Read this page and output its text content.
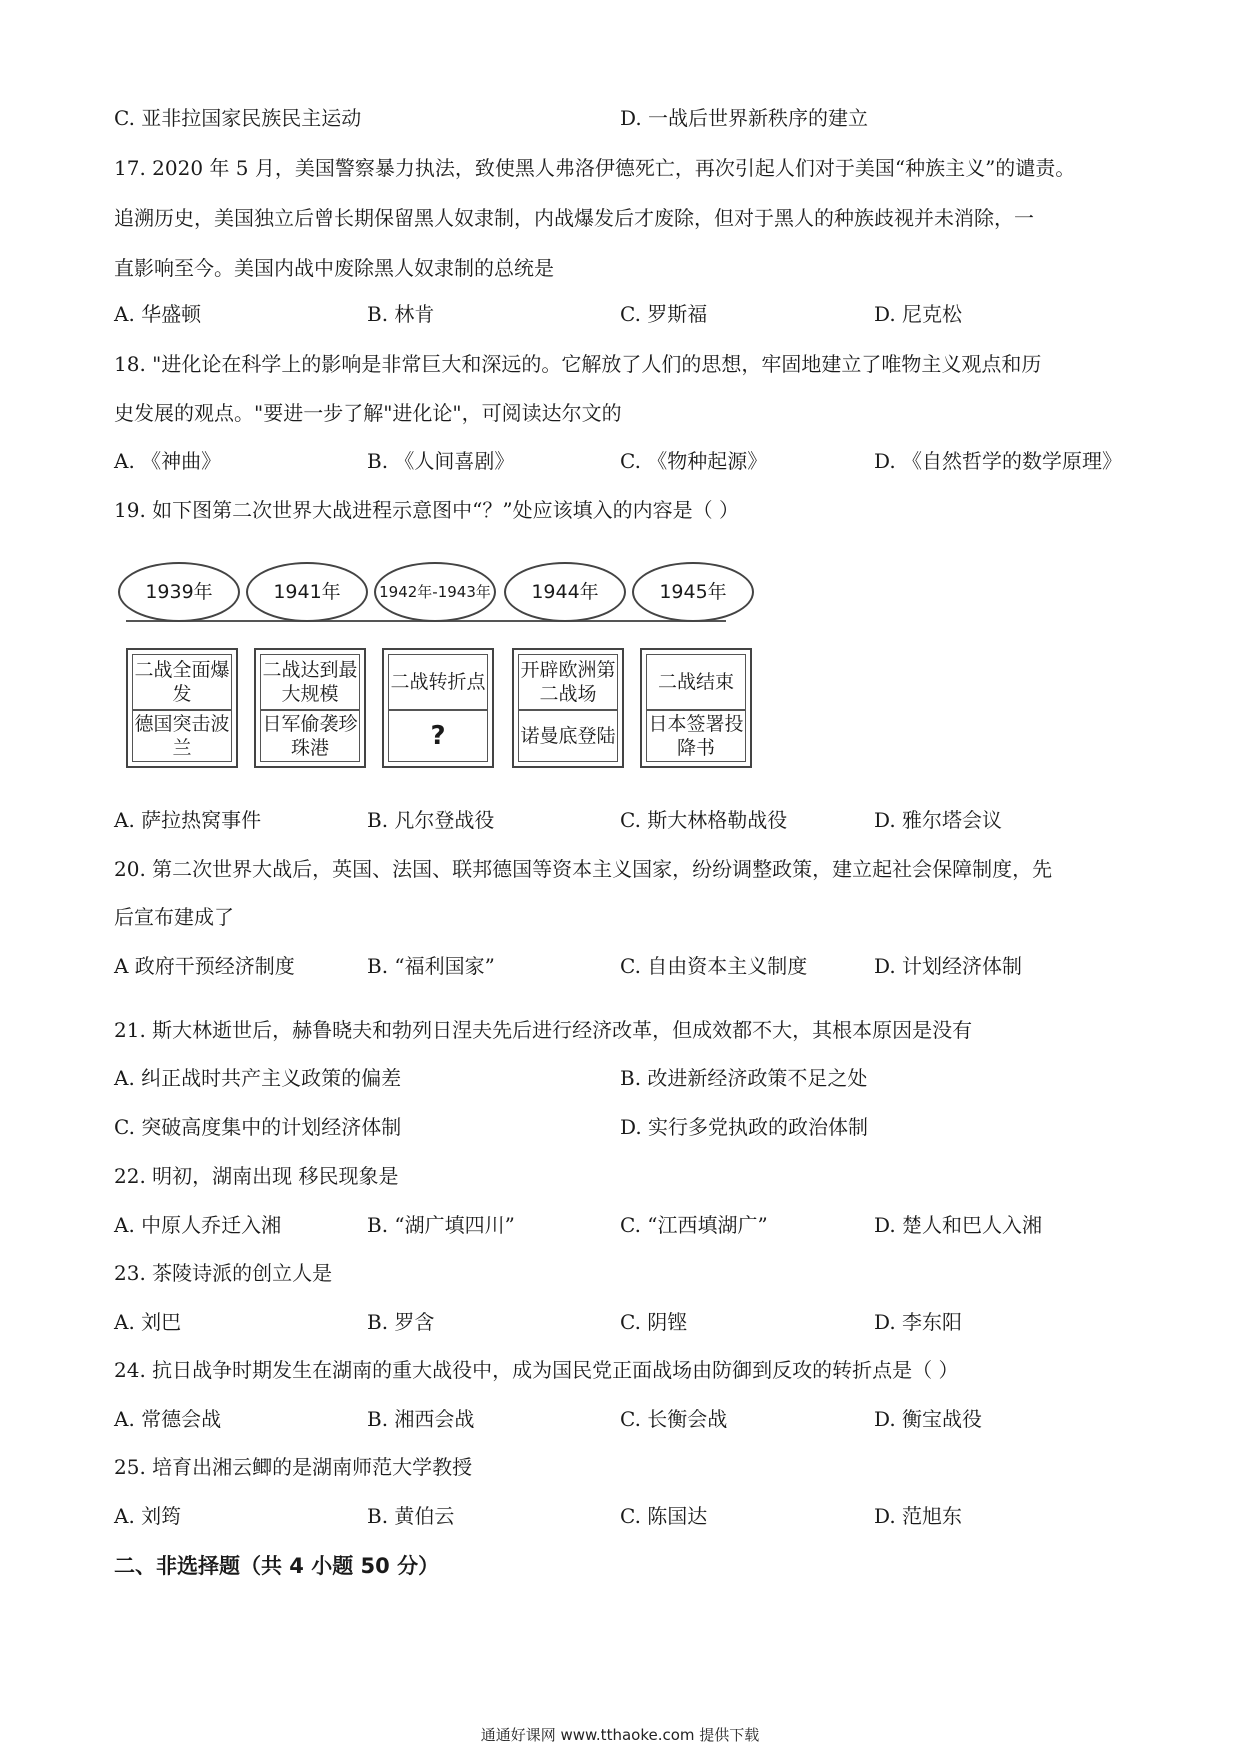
C. 亚非拉国家民族民主运动	D. 一战后世界新秩序的建立
17. 2020 年 5 月，美国警察暴力执法，致使黑人弗洛伊德死亡，再次引起人们对于美国“种族主义”的谴责。
追溯历史，美国独立后曾长期保留黑人奴隶制，内战爆发后才废除，但对于黑人的种族歧视并未消除，一
直影响至今。美国内战中废除黑人奴隶制的总统是
A. 华盛顿	B. 林肯	C. 罗斯福	D. 尼克松
18. "进化论在科学上的影响是非常巨大和深远的。它解放了人们的思想，牢固地建立了唯物主义观点和历
史发展的观点。"要进一步了解"进化论"，可阅读达尔文的
A. 《神曲》	B. 《人间喜剧》	C. 《物种起源》	D. 《自然哲学的数学原理》
19. 如下图第二次世界大战进程示意图中“？”处应该填入的内容是（ ）
1939年	1941年	1942年-1943年	1944年	1945年
二战全面爆发
德国突击波兰
二战达到最大规模
日军偷袭珍珠港
二战转折点
?
开辟欧洲第二战场
诺曼底登陆
二战结束
日本签署投降书
A. 萨拉热窝事件	B. 凡尔登战役	C. 斯大林格勒战役	D. 雅尔塔会议
20. 第二次世界大战后，英国、法国、联邦德国等资本主义国家，纷纷调整政策，建立起社会保障制度，先
后宣布建成了
A 政府干预经济制度	B. “福利国家”	C. 自由资本主义制度	D. 计划经济体制
21. 斯大林逝世后，赫鲁晓夫和勃列日涅夫先后进行经济改革，但成效都不大，其根本原因是没有
A. 纠正战时共产主义政策的偏差	B. 改进新经济政策不足之处
C. 突破高度集中的计划经济体制	D. 实行多党执政的政治体制
22. 明初，湖南出现 移民现象是
A. 中原人乔迁入湘	B. “湖广填四川”	C. “江西填湖广”	D. 楚人和巴人入湘
23. 茶陵诗派的创立人是
A. 刘巴	B. 罗含	C. 阴铿	D. 李东阳
24. 抗日战争时期发生在湖南的重大战役中，成为国民党正面战场由防御到反攻的转折点是（ ）
A. 常德会战	B. 湘西会战	C. 长衡会战	D. 衡宝战役
25. 培育出湘云鲫的是湖南师范大学教授
A. 刘筠	B. 黄伯云	C. 陈国达	D. 范旭东
二、非选择题（共 4 小题 50 分）
通通好课网 www.tthaoke.com 提供下载
